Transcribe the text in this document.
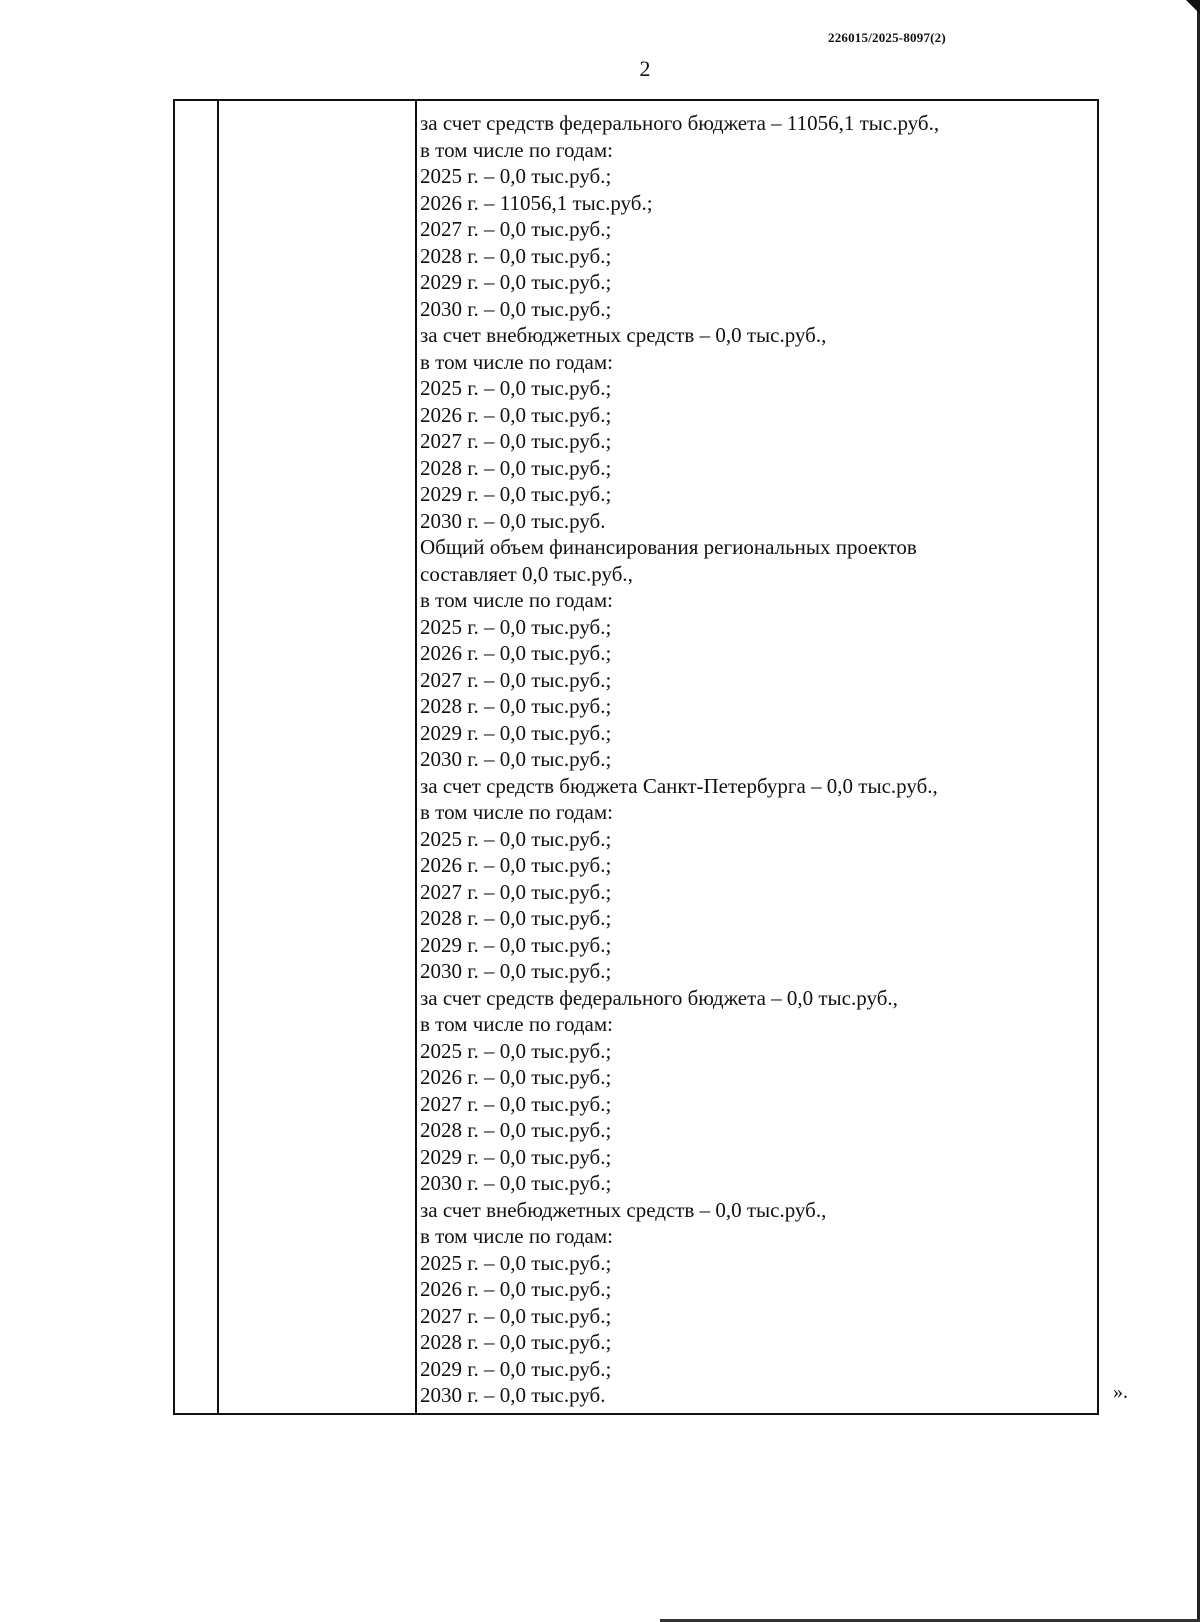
226015/2025-8097(2)
2

за счет средств федерального бюджета – 11056,1 тыс.руб.,
в том числе по годам:
2025 г. – 0,0 тыс.руб.;
2026 г. – 11056,1 тыс.руб.;
2027 г. – 0,0 тыс.руб.;
2028 г. – 0,0 тыс.руб.;
2029 г. – 0,0 тыс.руб.;
2030 г. – 0,0 тыс.руб.;
за счет внебюджетных средств – 0,0 тыс.руб.,
в том числе по годам:
2025 г. – 0,0 тыс.руб.;
2026 г. – 0,0 тыс.руб.;
2027 г. – 0,0 тыс.руб.;
2028 г. – 0,0 тыс.руб.;
2029 г. – 0,0 тыс.руб.;
2030 г. – 0,0 тыс.руб.
Общий объем финансирования региональных проектов
составляет 0,0 тыс.руб.,
в том числе по годам:
2025 г. – 0,0 тыс.руб.;
2026 г. – 0,0 тыс.руб.;
2027 г. – 0,0 тыс.руб.;
2028 г. – 0,0 тыс.руб.;
2029 г. – 0,0 тыс.руб.;
2030 г. – 0,0 тыс.руб.;
за счет средств бюджета Санкт-Петербурга – 0,0 тыс.руб.,
в том числе по годам:
2025 г. – 0,0 тыс.руб.;
2026 г. – 0,0 тыс.руб.;
2027 г. – 0,0 тыс.руб.;
2028 г. – 0,0 тыс.руб.;
2029 г. – 0,0 тыс.руб.;
2030 г. – 0,0 тыс.руб.;
за счет средств федерального бюджета – 0,0 тыс.руб.,
в том числе по годам:
2025 г. – 0,0 тыс.руб.;
2026 г. – 0,0 тыс.руб.;
2027 г. – 0,0 тыс.руб.;
2028 г. – 0,0 тыс.руб.;
2029 г. – 0,0 тыс.руб.;
2030 г. – 0,0 тыс.руб.;
за счет внебюджетных средств – 0,0 тыс.руб.,
в том числе по годам:
2025 г. – 0,0 тыс.руб.;
2026 г. – 0,0 тыс.руб.;
2027 г. – 0,0 тыс.руб.;
2028 г. – 0,0 тыс.руб.;
2029 г. – 0,0 тыс.руб.;
2030 г. – 0,0 тыс.руб.	».
